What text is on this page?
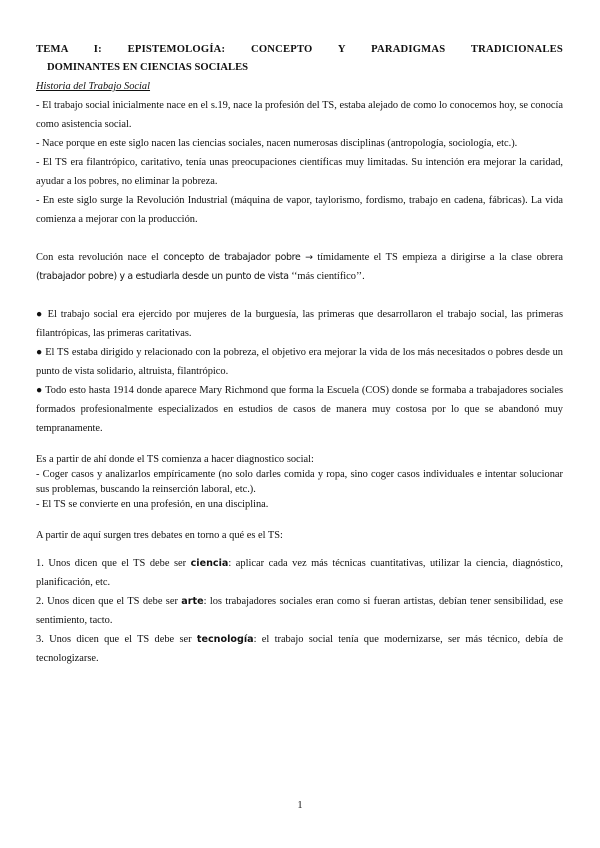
TEMA I: EPISTEMOLOGÍA: CONCEPTO Y PARADIGMAS TRADICIONALES
DOMINANTES EN CIENCIAS SOCIALES
Historia del Trabajo Social

- El trabajo social inicialmente nace en el s.19, nace la profesión del TS, estaba alejado de como lo conocemos hoy, se conocía como asistencia social.

- Nace porque en este siglo nacen las ciencias sociales, nacen numerosas disciplinas (antropología, sociología, etc.).

- El TS era filantrópico, caritativo, tenía unas preocupaciones científicas muy limitadas. Su intención era mejorar la caridad, ayudar a los pobres, no eliminar la pobreza.

- En este siglo surge la Revolución Industrial (máquina de vapor, taylorismo, fordismo, trabajo en cadena, fábricas). La vida comienza a mejorar con la producción.

Con esta revolución nace el concepto de trabajador pobre → tímidamente el TS empieza a dirigirse a la clase obrera (trabajador pobre) y a estudiarla desde un punto de vista ‘‘más científico’’.

● El trabajo social era ejercido por mujeres de la burguesía, las primeras que desarrollaron el trabajo social, las primeras filantrópicas, las primeras caritativas.

● El TS estaba dirigido y relacionado con la pobreza, el objetivo era mejorar la vida de los más necesitados o pobres desde un punto de vista solidario, altruista, filantrópico.

● Todo esto hasta 1914 donde aparece Mary Richmond que forma la Escuela (COS) donde se formaba a trabajadores sociales formados profesionalmente especializados en estudios de casos de manera muy costosa por lo que se abandonó muy tempranamente.

Es a partir de ahí donde el TS comienza a hacer diagnostico social:

- Coger casos y analizarlos empíricamente (no solo darles comida y ropa, sino coger casos individuales e intentar solucionar sus problemas, buscando la reinserción laboral, etc.).

- El TS se convierte en una profesión, en una disciplina.

A partir de aquí surgen tres debates en torno a qué es el TS:

1. Unos dicen que el TS debe ser ciencia: aplicar cada vez más técnicas cuantitativas, utilizar la ciencia, diagnóstico, planificación, etc.

2. Unos dicen que el TS debe ser arte: los trabajadores sociales eran como si fueran artistas, debían tener sensibilidad, ese sentimiento, tacto.

3. Unos dicen que el TS debe ser tecnología: el trabajo social tenía que modernizarse, ser más técnico, debía de tecnologizarse.

1
